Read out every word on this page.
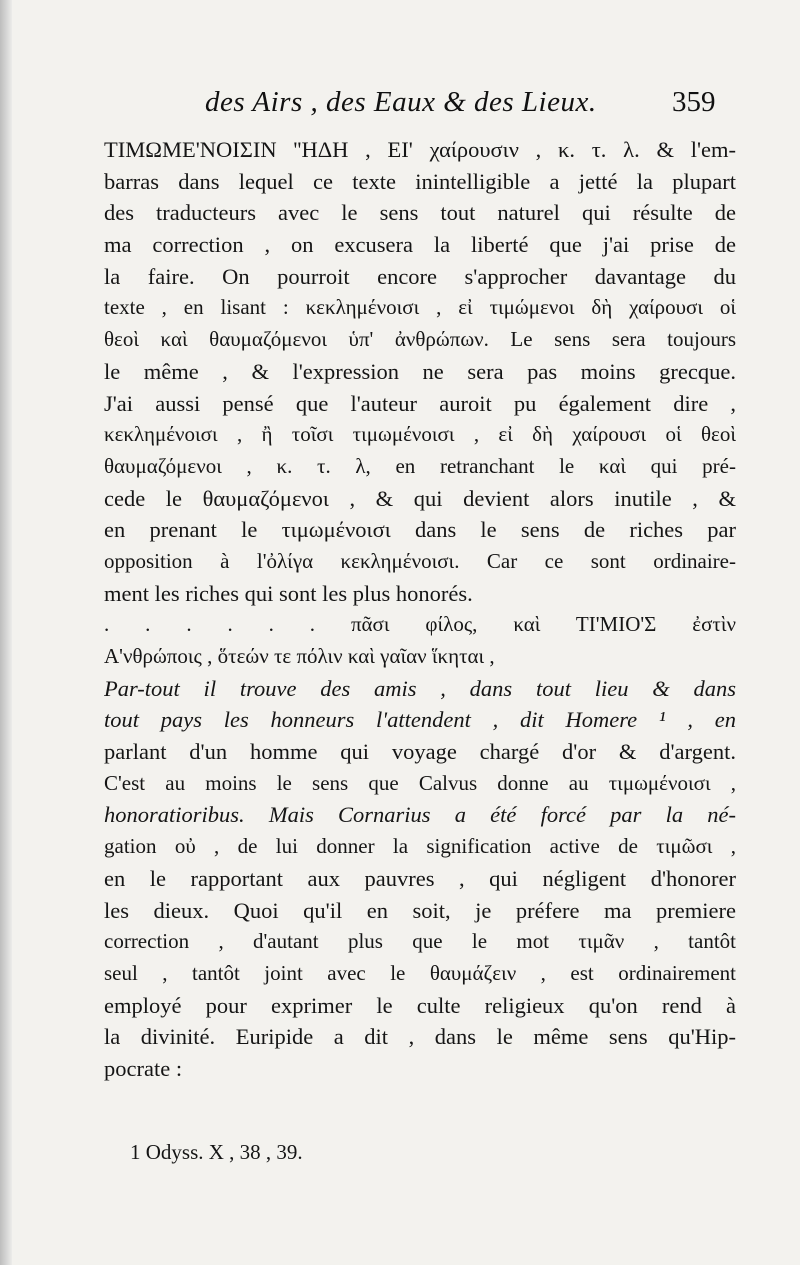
des Airs , des Eaux & des Lieux.	359
ΤΙΜΩΜΕ'ΝΟΙΣΙΝ ''ΗΔΗ , ΕΙ' χαίρουσιν , κ. τ. λ. & l'em-
barras dans lequel ce texte inintelligible a jetté la plupart
des traducteurs avec le sens tout naturel qui résulte de
ma correction , on excusera la liberté que j'ai prise de
la faire. On pourroit encore s'approcher davantage du
texte , en lisant : κεκλημένοισι , εἰ τιμώμενοι δὴ χαίρουσι οἱ
θεοὶ καὶ θαυμαζόμενοι ὑπ' ἀνθρώπων. Le sens sera toujours
le même , & l'expression ne sera pas moins grecque.
J'ai aussi pensé que l'auteur auroit pu également dire ,
κεκλημένοισι , ἢ τοῖσι τιμωμένοισι , εἰ δὴ χαίρουσι οἱ θεοὶ
θαυμαζόμενοι , κ. τ. λ, en retranchant le καὶ qui pré-
cede le θαυμαζόμενοι , & qui devient alors inutile , &
en prenant le τιμωμένοισι dans le sens de riches par
opposition à l'ὀλίγα κεκλημένοισι. Car ce sont ordinaire-
ment les riches qui sont les plus honorés.
. . . . . . πᾶσι φίλος, καὶ ΤΙ'ΜΙΟ'Σ ἐστὶν
Α'νθρώποις , ὅτεών τε πόλιν καὶ γαῖαν ἵκηται ,
Par-tout il trouve des amis , dans tout lieu & dans
tout pays les honneurs l'attendent , dit Homere ¹ , en
parlant d'un homme qui voyage chargé d'or & d'argent.
C'est au moins le sens que Calvus donne au τιμωμένοισι ,
honoratioribus. Mais Cornarius a été forcé par la né-
gation οὐ , de lui donner la signification active de τιμῶσι ,
en le rapportant aux pauvres , qui négligent d'honorer
les dieux. Quoi qu'il en soit, je préfere ma premiere
correction , d'autant plus que le mot τιμᾶν , tantôt
seul , tantôt joint avec le θαυμάζειν , est ordinairement
employé pour exprimer le culte religieux qu'on rend à
la divinité. Euripide a dit , dans le même sens qu'Hip-
pocrate :
1 Odyss. X , 38 , 39.
